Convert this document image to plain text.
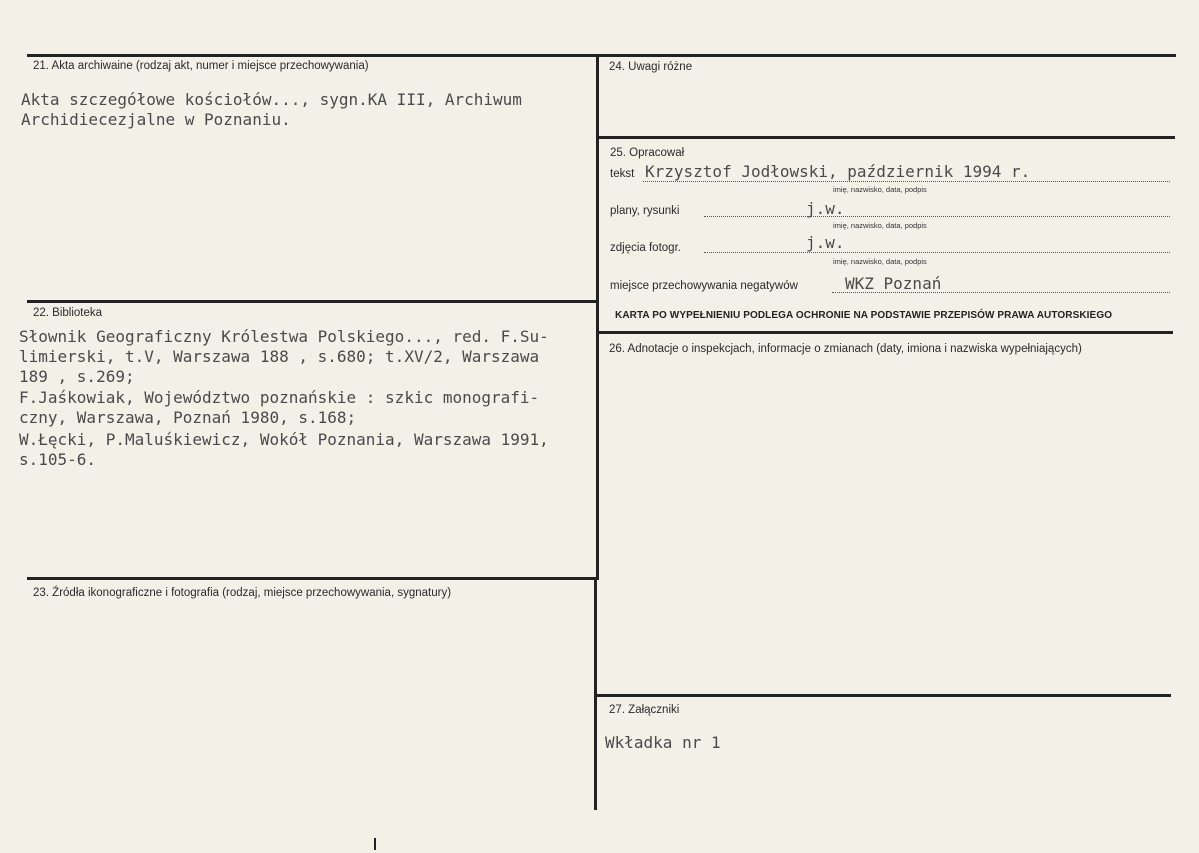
21. Akta archiwaine (rodzaj akt, numer i miejsce przechowywania)
Akta szczegółowe kościołów..., sygn.KA III, Archiwum
Archidiecezjalne w Poznaniu.
22. Biblioteka
Słownik Geograficzny Królestwa Polskiego..., red. F.Su-
limierski, t.V, Warszawa 188 , s.680; t.XV/2, Warszawa
189 , s.269;
F.Jaśkowiak, Województwo poznańskie : szkic monografi-
czny, Warszawa, Poznań 1980, s.168;
W.Łęcki, P.Maluśkiewicz, Wokół Poznania, Warszawa 1991,
s.105-6.
23. Źródła ikonograficzne i fotografia (rodzaj, miejsce przechowywania, sygnatury)
24. Uwagi różne
25. Opracował
tekst Krzysztof Jodłowski, październik 1994 r.
imię, nazwisko, data, podpis
plany, rysunki	j.w.
imię, nazwisko, data, podpis
zdjęcia fotogr.	j.w.
imię, nazwisko, data, podpis
miejsce przechowywania negatywów	WKZ Poznań
KARTA PO WYPEŁNIENIU PODLEGA OCHRONIE NA PODSTAWIE PRZEPISÓW PRAWA AUTORSKIEGO
26. Adnotacje o inspekcjach, informacje o zmianach (daty, imiona i nazwiska wypełniających)
27. Załączniki
Wkładka nr 1
